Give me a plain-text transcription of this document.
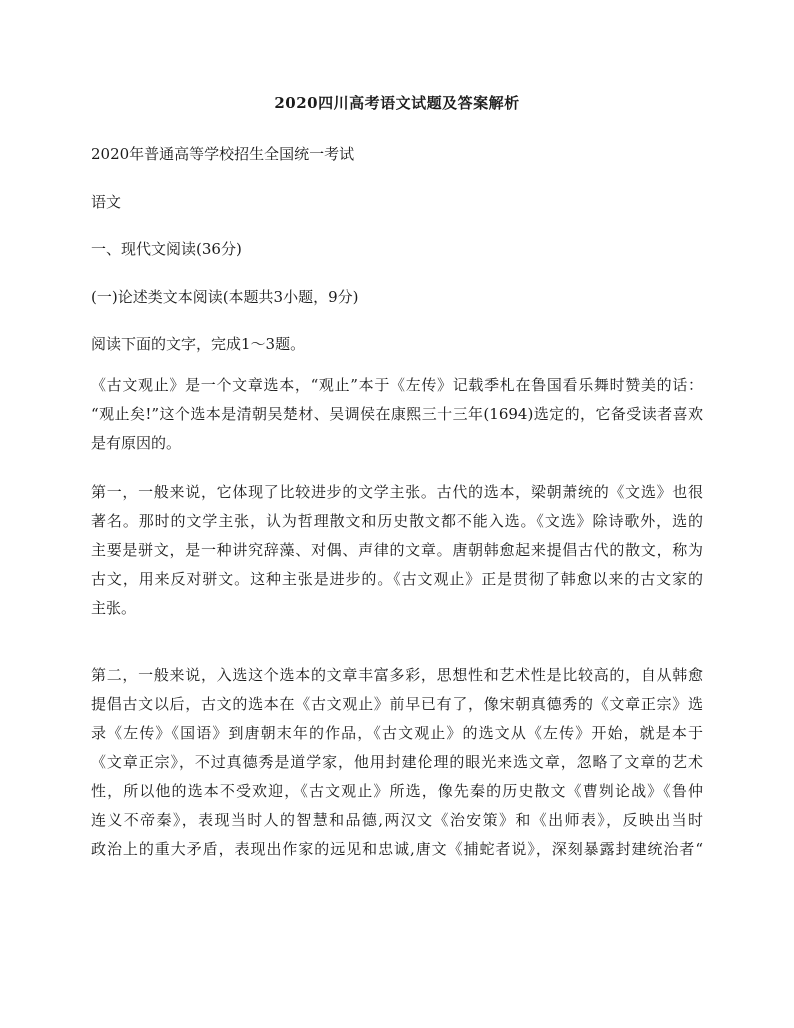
2020四川高考语文试题及答案解析
2020年普通高等学校招生全国统一考试
语文
一、现代文阅读(36分)
(一)论述类文本阅读(本题共3小题，9分)
阅读下面的文字，完成1～3题。
《古文观止》是一个文章选本，“观止”本于《左传》记载季札在鲁国看乐舞时赞美的话：
“观止矣!”这个选本是清朝吴楚材、吴调侯在康熙三十三年(1694)选定的，它备受读者喜欢
是有原因的。
第一，一般来说，它体现了比较进步的文学主张。古代的选本，梁朝萧统的《文选》也很
著名。那时的文学主张，认为哲理散文和历史散文都不能入选。《文选》除诗歌外，选的
主要是骈文，是一种讲究辞藻、对偶、声律的文章。唐朝韩愈起来提倡古代的散文，称为
古文，用来反对骈文。这种主张是进步的。《古文观止》正是贯彻了韩愈以来的古文家的
主张。
第二，一般来说，入选这个选本的文章丰富多彩，思想性和艺术性是比较高的，自从韩愈
提倡古文以后，古文的选本在《古文观止》前早已有了，像宋朝真德秀的《文章正宗》选
录《左传》《国语》到唐朝末年的作品，《古文观止》的选文从《左传》开始，就是本于
《文章正宗》，不过真德秀是道学家，他用封建伦理的眼光来选文章，忽略了文章的艺术
性，所以他的选本不受欢迎，《古文观止》所选，像先秦的历史散文《曹刿论战》《鲁仲
连义不帝秦》，表现当时人的智慧和品德,两汉文《治安策》和《出师表》，反映出当时
政治上的重大矛盾，表现出作家的远见和忠诚,唐文《捕蛇者说》，深刻暴露封建统治者“
